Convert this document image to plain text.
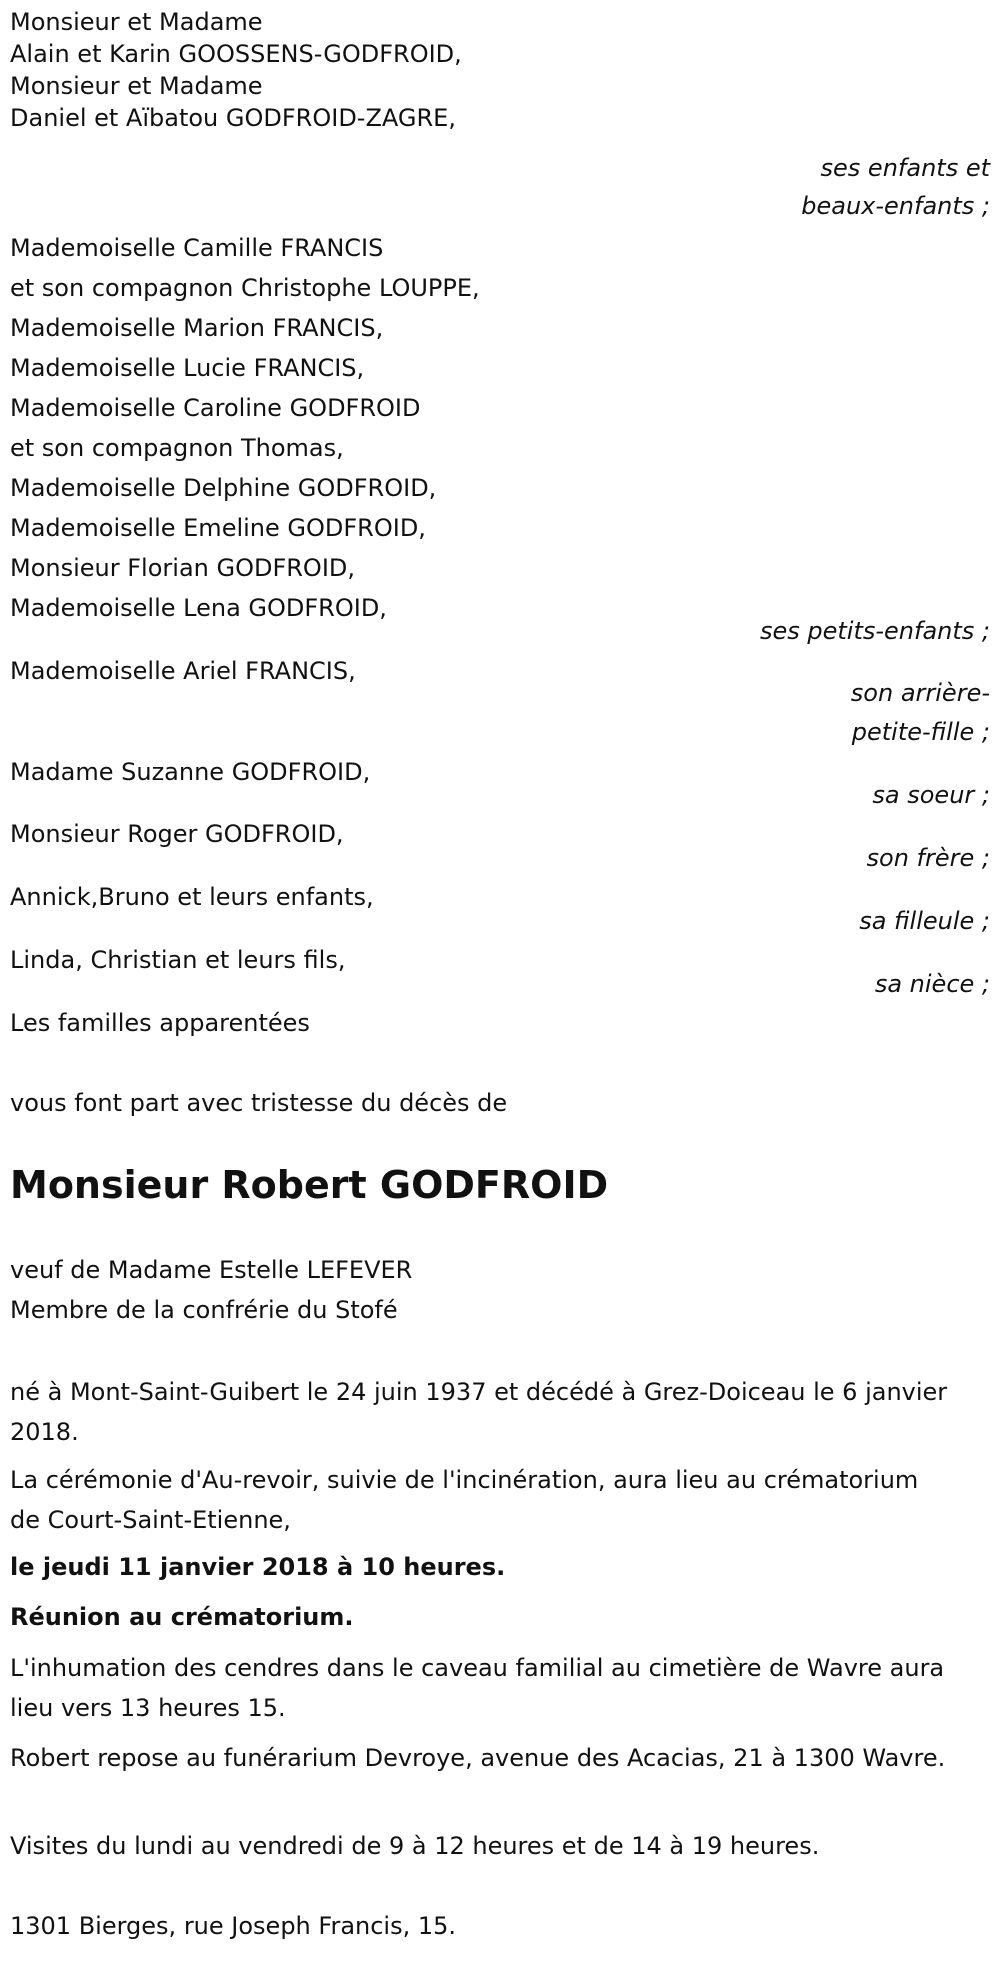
Monsieur et Madame
Alain et Karin GOOSSENS-GODFROID,
Monsieur et Madame
Daniel et Aïbatou GODFROID-ZAGRE,
ses enfants et
beaux-enfants ;
Mademoiselle Camille FRANCIS
et son compagnon Christophe LOUPPE,
Mademoiselle Marion FRANCIS,
Mademoiselle Lucie FRANCIS,
Mademoiselle Caroline GODFROID
et son compagnon Thomas,
Mademoiselle Delphine GODFROID,
Mademoiselle Emeline GODFROID,
Monsieur Florian GODFROID,
Mademoiselle Lena GODFROID,
ses petits-enfants ;
Mademoiselle Ariel FRANCIS,
son arrière-
petite-fille ;
Madame Suzanne GODFROID,
sa soeur ;
Monsieur Roger GODFROID,
son frère ;
Annick,Bruno et leurs enfants,
sa filleule ;
Linda, Christian et leurs fils,
sa nièce ;
Les familles apparentées
vous font part avec tristesse du décès de
Monsieur Robert GODFROID
veuf de Madame Estelle LEFEVER
Membre de la confrérie du Stofé
né à Mont-Saint-Guibert le 24 juin 1937 et décédé à Grez-Doiceau le 6 janvier 2018.
La cérémonie d'Au-revoir, suivie de l'incinération, aura lieu au crématorium de Court-Saint-Etienne,
le jeudi 11 janvier 2018 à 10 heures.
Réunion au crématorium.
L'inhumation des cendres dans le caveau familial au cimetière de Wavre aura lieu vers 13 heures 15.
Robert repose au funérarium Devroye, avenue des Acacias, 21 à 1300 Wavre.
Visites du lundi au vendredi de 9 à 12 heures et de 14 à 19 heures.
1301 Bierges, rue Joseph Francis, 15.
